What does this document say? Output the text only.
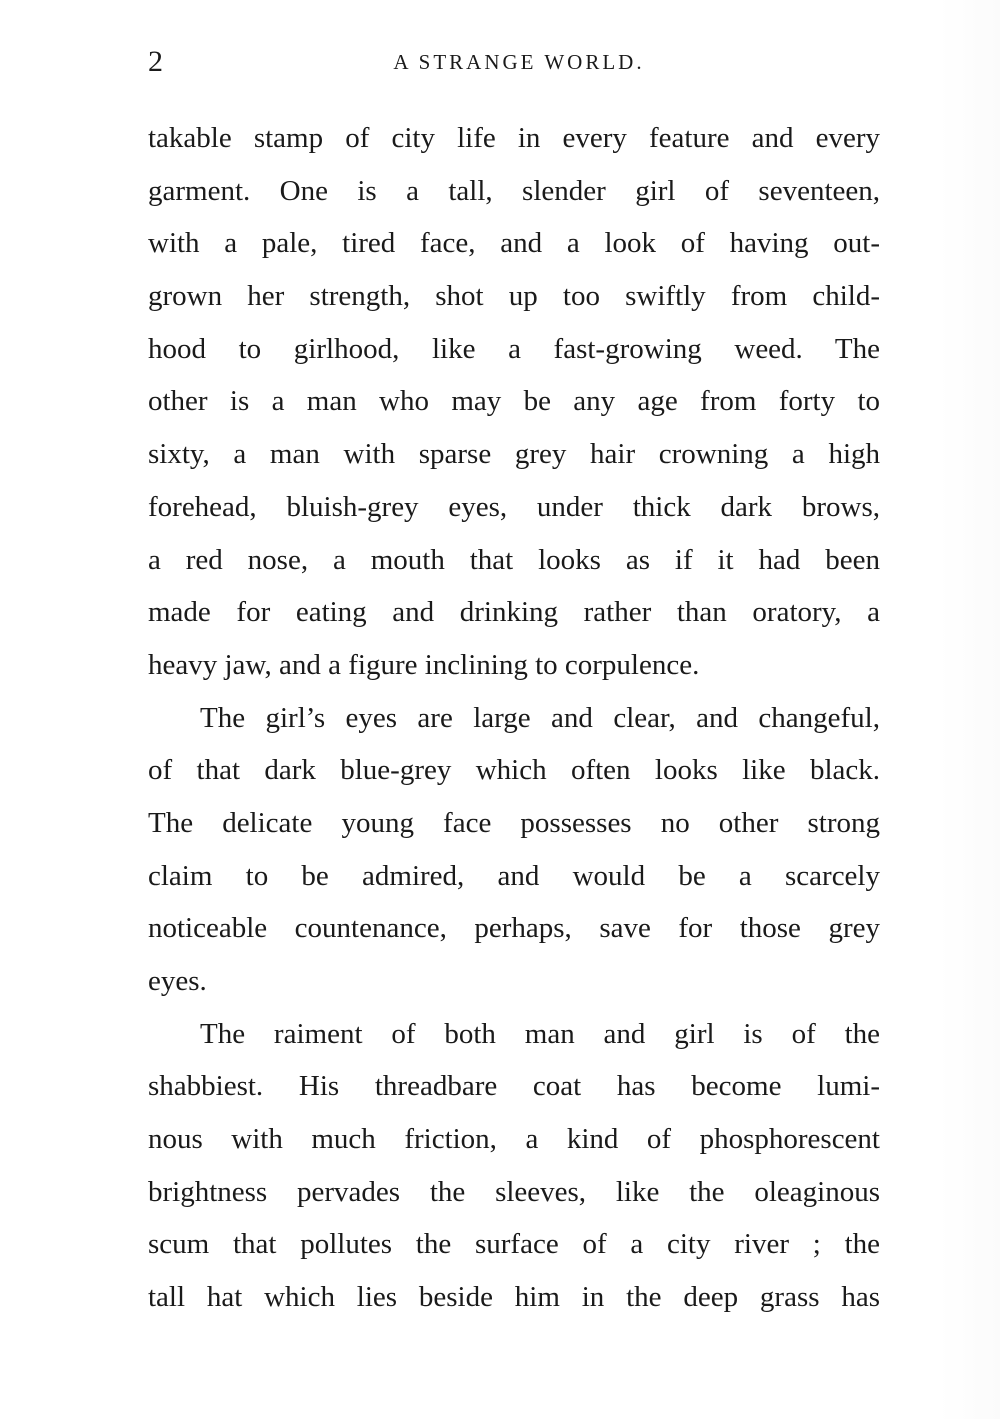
2	A STRANGE WORLD.
takable stamp of city life in every feature and every
garment. One is a tall, slender girl of seventeen,
with a pale, tired face, and a look of having out-
grown her strength, shot up too swiftly from child-
hood to girlhood, like a fast-growing weed. The
other is a man who may be any age from forty to
sixty, a man with sparse grey hair crowning a high
forehead, bluish-grey eyes, under thick dark brows,
a red nose, a mouth that looks as if it had been
made for eating and drinking rather than oratory, a
heavy jaw, and a figure inclining to corpulence.
The girl’s eyes are large and clear, and changeful,
of that dark blue-grey which often looks like black.
The delicate young face possesses no other strong
claim to be admired, and would be a scarcely
noticeable countenance, perhaps, save for those grey
eyes.
The raiment of both man and girl is of the
shabbiest. His threadbare coat has become lumi-
nous with much friction, a kind of phosphorescent
brightness pervades the sleeves, like the oleaginous
scum that pollutes the surface of a city river ; the
tall hat which lies beside him in the deep grass has
